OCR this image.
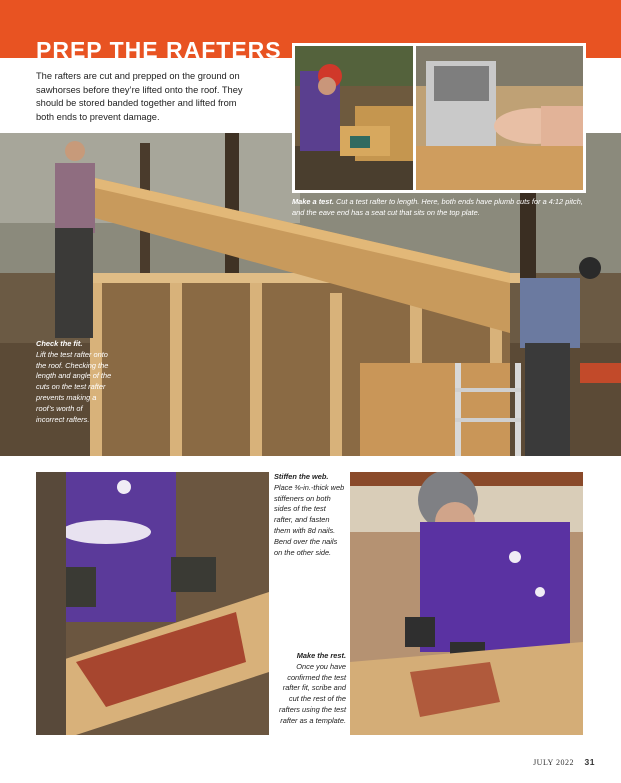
PREP THE RAFTERS

The rafters are cut and prepped on the ground on sawhorses before they’re lifted onto the roof. They should be stored banded together and lifted from both ends to prevent damage.

Make a test. Cut a test rafter to length. Here, both ends have plumb cuts for a 4:12 pitch, and the eave end has a seat cut that sits on the top plate.
Check the fit.
Lift the test rafter onto the roof. Checking the length and angle of the cuts on the test rafter prevents making a roof’s worth of incorrect rafters.
Stiffen the web.
Place ⅜-in.-thick web stiffeners on both sides of the test rafter, and fasten them with 8d nails. Bend over the nails on the other side.
Make the rest.
Once you have confirmed the test rafter fit, scribe and cut the rest of the rafters using the test rafter as a template.
JULY 2022 31
